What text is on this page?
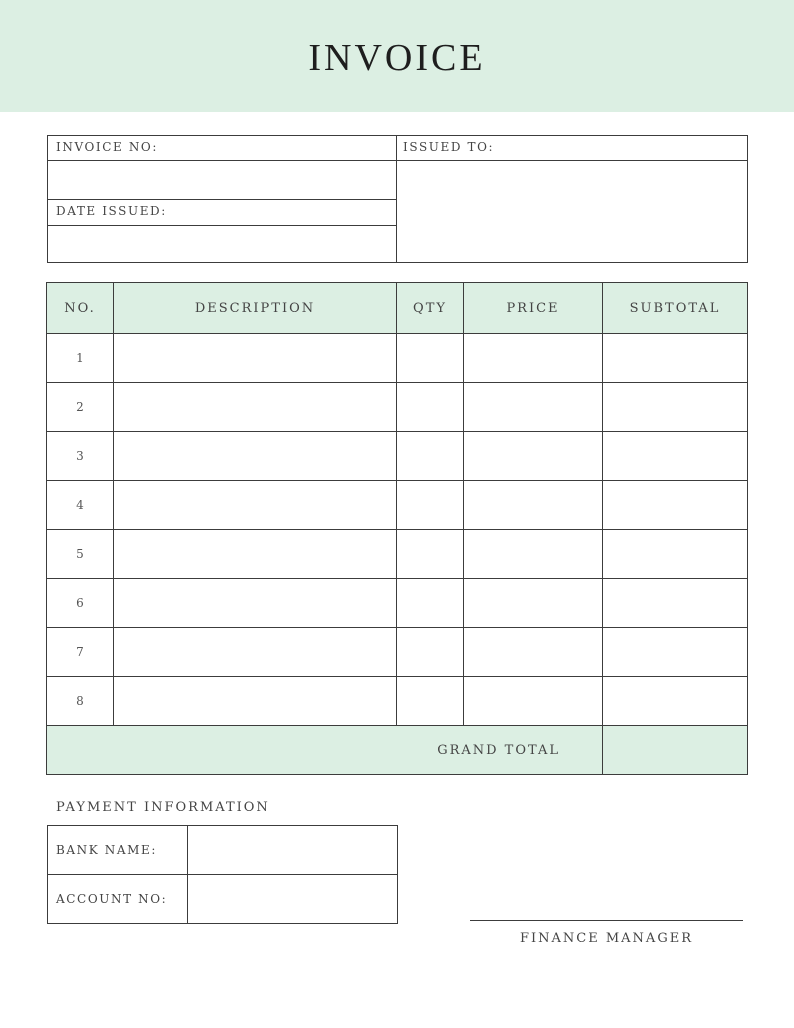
INVOICE
INVOICE NO:	ISSUED TO:
DATE ISSUED:
NO.	DESCRIPTION	QTY	PRICE	SUBTOTAL
1				
2				
3				
4				
5				
6				
7				
8				
GRAND TOTAL				
PAYMENT INFORMATION
BANK NAME:	
ACCOUNT NO:	
FINANCE MANAGER
